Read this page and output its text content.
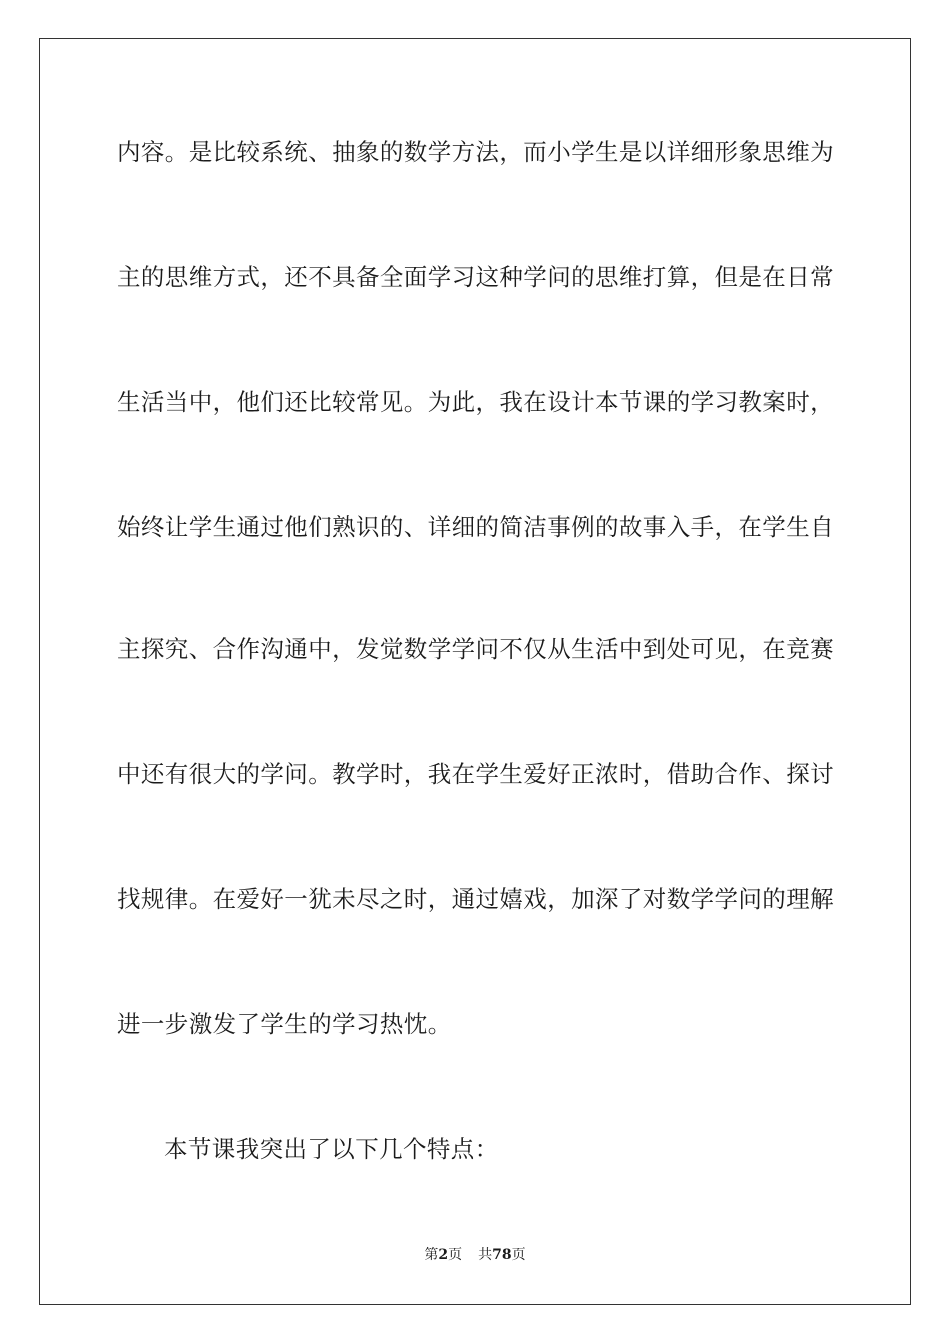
内容。是比较系统、抽象的数学方法，而小学生是以详细形象思维为
主的思维方式，还不具备全面学习这种学问的思维打算，但是在日常
生活当中，他们还比较常见。为此，我在设计本节课的学习教案时，
始终让学生通过他们熟识的、详细的简洁事例的故事入手，在学生自
主探究、合作沟通中，发觉数学学问不仅从生活中到处可见，在竞赛
中还有很大的学问。教学时，我在学生爱好正浓时，借助合作、探讨
找规律。在爱好一犹未尽之时，通过嬉戏，加深了对数学学问的理解
进一步激发了学生的学习热忱。
本节课我突出了以下几个特点：
第2页 共78页
